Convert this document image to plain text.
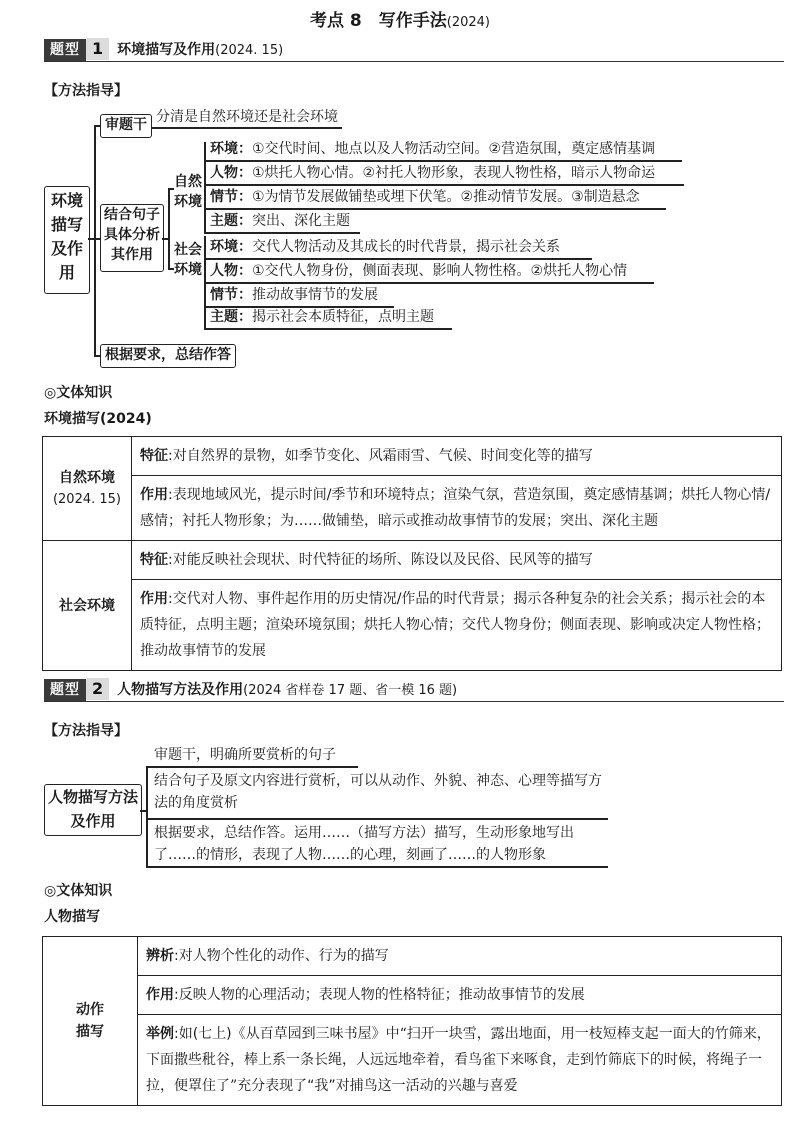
考点 8　写作手法(2024)
题型 1 环境描写及作用(2024. 15)
【方法指导】
环境描写及作用
审题干 分清是自然环境还是社会环境
结合句子具体分析其作用
自然环境
环境：①交代时间、地点以及人物活动空间。②营造氛围，奠定感情基调
人物：①烘托人物心情。②衬托人物形象，表现人物性格，暗示人物命运
情节：①为情节发展做铺垫或埋下伏笔。②推动情节发展。③制造悬念
主题：突出、深化主题
社会环境
环境：交代人物活动及其成长的时代背景，揭示社会关系
人物：①交代人物身份，侧面表现、影响人物性格。②烘托人物心情
情节：推动故事情节的发展
主题：揭示社会本质特征，点明主题
根据要求，总结作答
◎文体知识
环境描写(2024)
自然环境
(2024. 15)	特征:对自然界的景物，如季节变化、风霜雨雪、气候、时间变化等的描写
	作用:表现地域风光，提示时间/季节和环境特点；渲染气氛，营造氛围，奠定感情基调；烘托人物心情/感情；衬托人物形象；为……做铺垫，暗示或推动故事情节的发展；突出、深化主题
社会环境	特征:对能反映社会现状、时代特征的场所、陈设以及民俗、民风等的描写
	作用:交代对人物、事件起作用的历史情况/作品的时代背景；揭示各种复杂的社会关系；揭示社会的本质特征，点明主题；渲染环境氛围；烘托人物心情；交代人物身份；侧面表现、影响或决定人物性格；推动故事情节的发展
题型 2 人物描写方法及作用(2024 省样卷 17 题、省一模 16 题)
【方法指导】
人物描写方法及作用
审题干，明确所要赏析的句子
结合句子及原文内容进行赏析，可以从动作、外貌、神态、心理等描写方法的角度赏析
根据要求，总结作答。运用……（描写方法）描写，生动形象地写出了……的情形，表现了人物……的心理，刻画了……的人物形象
◎文体知识
人物描写
动作描写
	辨析:对人物个性化的动作、行为的描写
作用:反映人物的心理活动；表现人物的性格特征；推动故事情节的发展
举例:如(七上)《从百草园到三味书屋》中“扫开一块雪，露出地面，用一枝短棒支起一面大的竹筛来，下面撒些秕谷，棒上系一条长绳，人远远地牵着，看鸟雀下来啄食，走到竹筛底下的时候，将绳子一拉，便罩住了”充分表现了“我”对捕鸟这一活动的兴趣与喜爱
